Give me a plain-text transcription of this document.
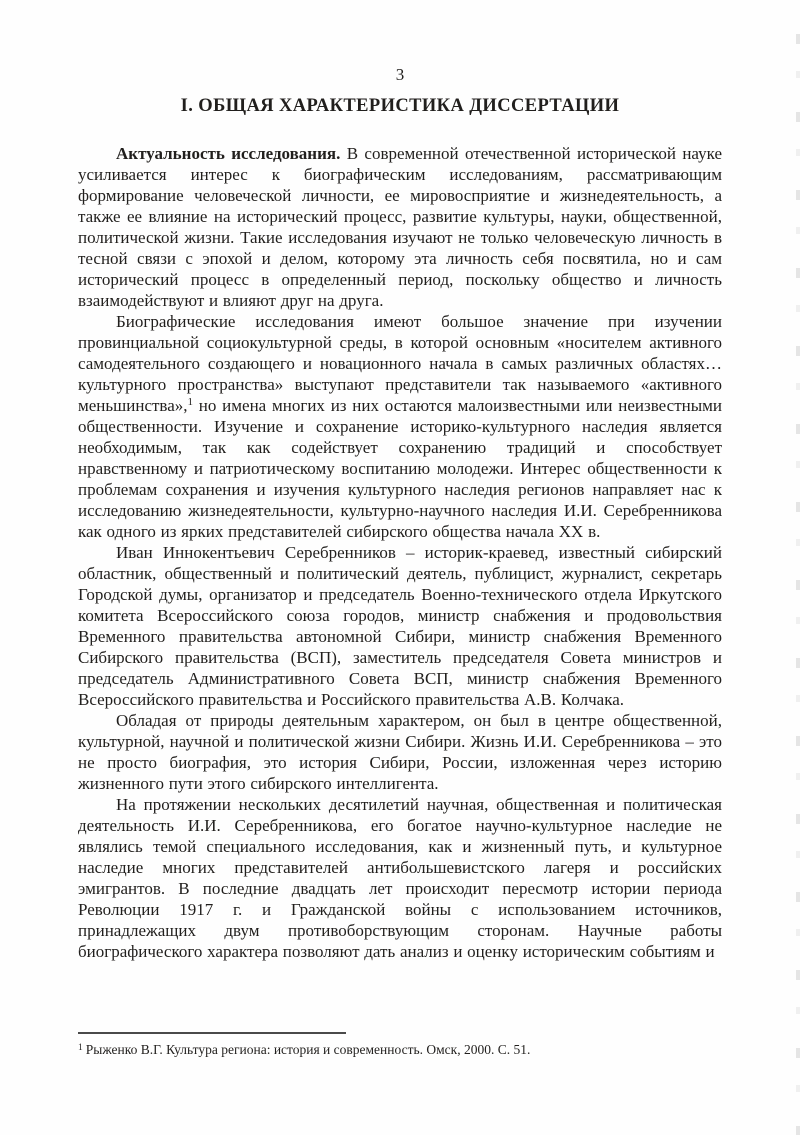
3
I. ОБЩАЯ ХАРАКТЕРИСТИКА ДИССЕРТАЦИИ

Актуальность исследования. В современной отечественной исторической науке усиливается интерес к биографическим исследованиям, рассматривающим формирование человеческой личности, ее мировосприятие и жизнедеятельность, а также ее влияние на исторический процесс, развитие культуры, науки, общественной, политической жизни. Такие исследования изучают не только человеческую личность в тесной связи с эпохой и делом, которому эта личность себя посвятила, но и сам исторический процесс в определенный период, поскольку общество и личность взаимодействуют и влияют друг на друга.

Биографические исследования имеют большое значение при изучении провинциальной социокультурной среды, в которой основным «носителем активного самодеятельного создающего и новационного начала в самых различных областях… культурного пространства» выступают представители так называемого «активного меньшинства»,$^1$ но имена многих из них остаются малоизвестными или неизвестными общественности. Изучение и сохранение историко-культурного наследия является необходимым, так как содействует сохранению традиций и способствует нравственному и патриотическому воспитанию молодежи. Интерес общественности к проблемам сохранения и изучения культурного наследия регионов направляет нас к исследованию жизнедеятельности, культурно-научного наследия И.И. Серебренникова как одного из ярких представителей сибирского общества начала XX в.

Иван Иннокентьевич Серебренников – историк-краевед, известный сибирский областник, общественный и политический деятель, публицист, журналист, секретарь Городской думы, организатор и председатель Военно-технического отдела Иркутского комитета Всероссийского союза городов, министр снабжения и продовольствия Временного правительства автономной Сибири, министр снабжения Временного Сибирского правительства (ВСП), заместитель председателя Совета министров и председатель Административного Совета ВСП, министр снабжения Временного Всероссийского правительства и Российского правительства А.В. Колчака.

Обладая от природы деятельным характером, он был в центре общественной, культурной, научной и политической жизни Сибири. Жизнь И.И. Серебренникова – это не просто биография, это история Сибири, России, изложенная через историю жизненного пути этого сибирского интеллигента.

На протяжении нескольких десятилетий научная, общественная и политическая деятельность И.И. Серебренникова, его богатое научно-культурное наследие не являлись темой специального исследования, как и жизненный путь, и культурное наследие многих представителей антибольшевистского лагеря и российских эмигрантов. В последние двадцать лет происходит пересмотр истории периода Революции 1917 г. и Гражданской войны с использованием источников, принадлежащих двум противоборствующим сторонам. Научные работы биографического характера позволяют дать анализ и оценку историческим событиям и

$^1$ Рыженко В.Г. Культура региона: история и современность. Омск, 2000. С. 51.
